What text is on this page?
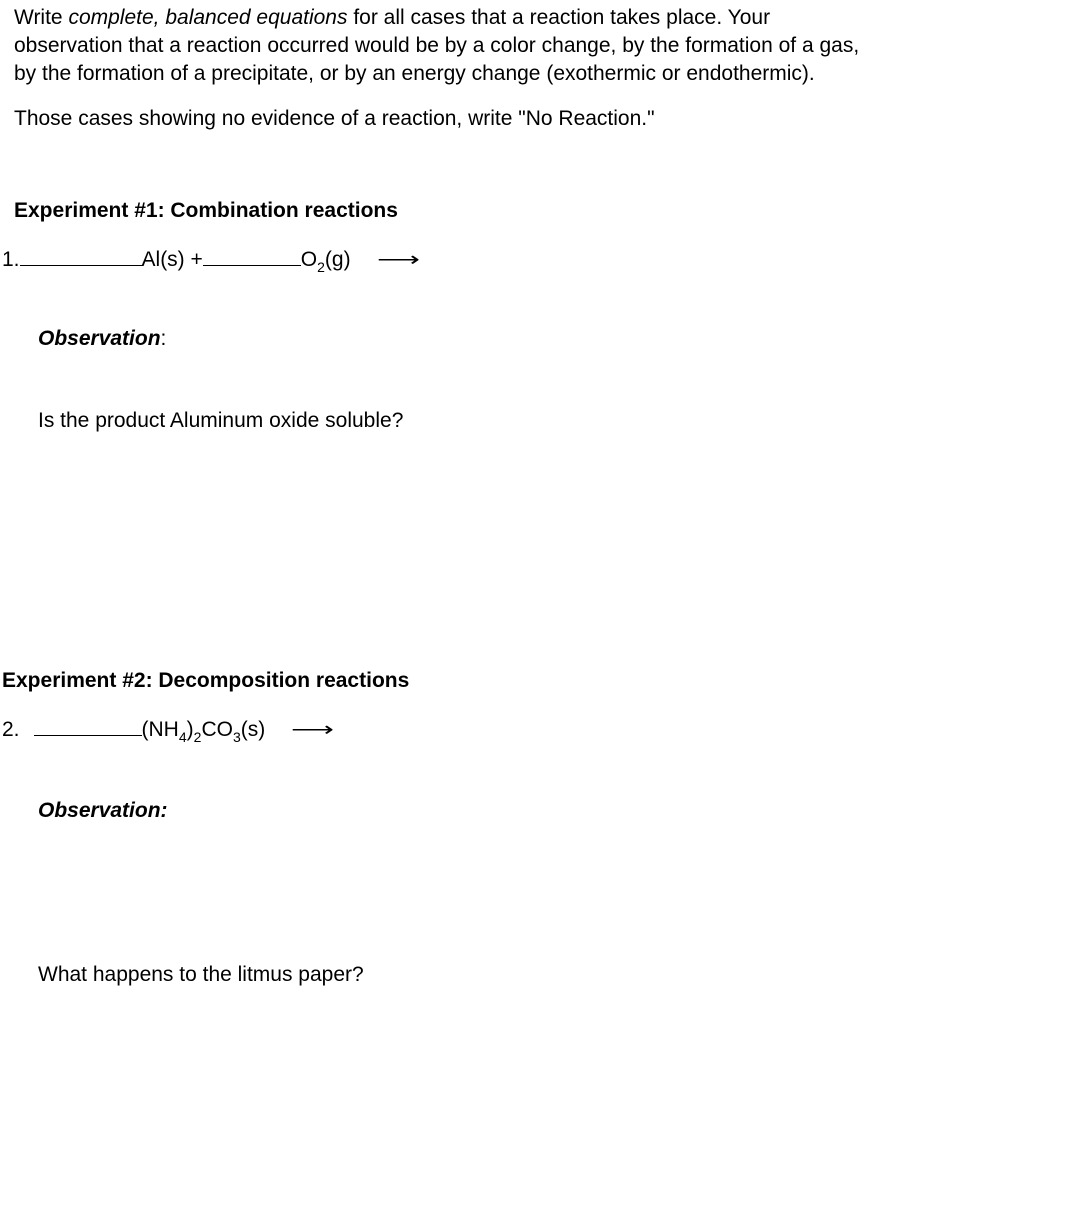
Write complete, balanced equations for all cases that a reaction takes place. Your
observation that a reaction occurred would be by a color change, by the formation of a gas,
by the formation of a precipitate, or by an energy change (exothermic or endothermic).
Those cases showing no evidence of a reaction, write "No Reaction."
Experiment #1: Combination reactions
1.	Al(s) +	$O_2(g)$ ⟶
Observation:
Is the product Aluminum oxide soluble?
Experiment #2: Decomposition reactions
2.	$(NH_4)_2CO_3(s)$ ⟶
Observation:
What happens to the litmus paper?
